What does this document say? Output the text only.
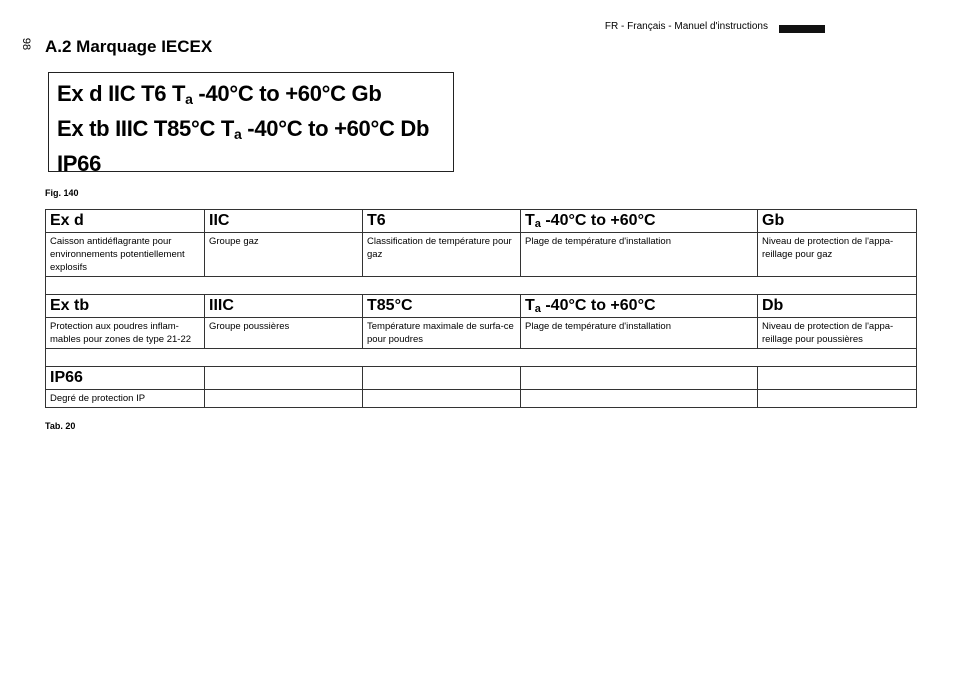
FR - Français - Manuel d'instructions
98 A.2 Marquage IECEX
Ex d IIC T6 $T_a$ -40°C to +60°C Gb
Ex tb IIIC T85°C $T_a$ -40°C to +60°C Db
IP66
Fig. 140
Ex d	IIC	T6	$T_a$ -40°C to +60°C	Gb
Caisson antidéflagrante pour environnements potentiellement explosifs	Groupe gaz	Classification de température pour gaz	Plage de température d'installation	Niveau de protection de l'appa-reillage pour gaz

Ex tb	IIIC	T85°C	$T_a$ -40°C to +60°C	Db
Protection aux poudres inflam-mables pour zones de type 21-22	Groupe poussières	Température maximale de surfa-ce pour poudres	Plage de température d'installation	Niveau de protection de l'appa-reillage pour poussières

IP66				
Degré de protection IP				
Tab. 20
